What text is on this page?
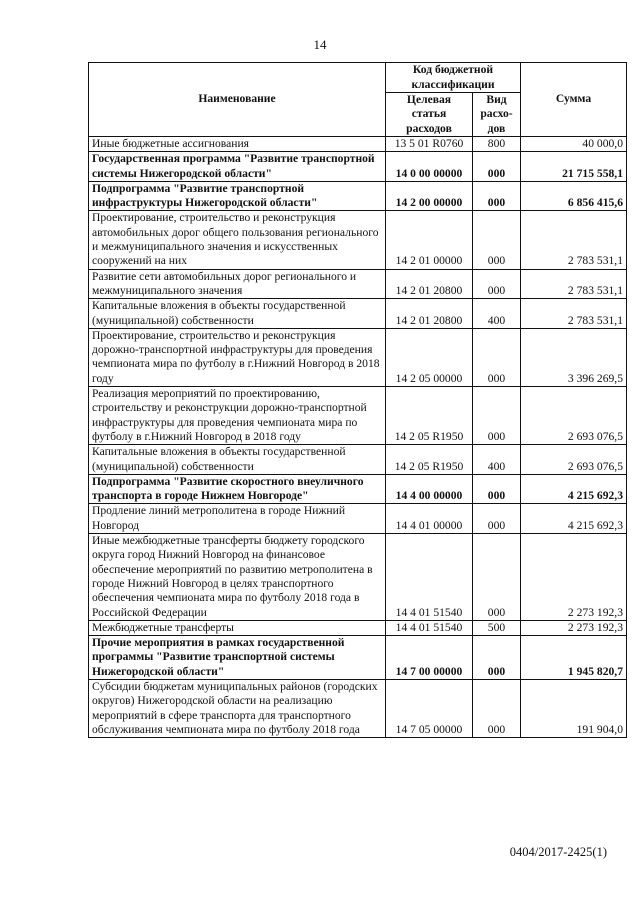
14
Наименование	Код бюджетной классификации		Сумма
	Целевая статья расходов	Вид расхо-дов	
Иные бюджетные ассигнования	13 5 01 R0760	800	40 000,0
Государственная программа "Развитие транспортной системы Нижегородской области"	14 0 00 00000	000	21 715 558,1
Подпрограмма "Развитие транспортной инфраструктуры Нижегородской области"	14 2 00 00000	000	6 856 415,6
Проектирование, строительство и реконструкция автомобильных дорог общего пользования регионального и межмуниципального значения и искусственных сооружений на них	14 2 01 00000	000	2 783 531,1
Развитие сети автомобильных дорог регионального и межмуниципального значения	14 2 01 20800	000	2 783 531,1
Капитальные вложения в объекты государственной (муниципальной) собственности	14 2 01 20800	400	2 783 531,1
Проектирование, строительство и реконструкция дорожно-транспортной инфраструктуры для проведения чемпионата мира по футболу в г.Нижний Новгород в 2018 году	14 2 05 00000	000	3 396 269,5
Реализация мероприятий по проектированию, строительству и реконструкции дорожно-транспортной инфраструктуры для проведения чемпионата мира по футболу в г.Нижний Новгород в 2018 году	14 2 05 R1950	000	2 693 076,5
Капитальные вложения в объекты государственной (муниципальной) собственности	14 2 05 R1950	400	2 693 076,5
Подпрограмма "Развитие скоростного внеуличного транспорта в городе Нижнем Новгороде"	14 4 00 00000	000	4 215 692,3
Продление линий метрополитена в городе Нижний Новгород	14 4 01 00000	000	4 215 692,3
Иные межбюджетные трансферты бюджету городского округа город Нижний Новгород на финансовое обеспечение мероприятий по развитию метрополитена в городе Нижний Новгород в целях транспортного обеспечения чемпионата мира по футболу 2018 года в Российской Федерации	14 4 01 51540	000	2 273 192,3
Межбюджетные трансферты	14 4 01 51540	500	2 273 192,3
Прочие мероприятия в рамках государственной программы "Развитие транспортной системы Нижегородской области"	14 7 00 00000	000	1 945 820,7
Субсидии бюджетам муниципальных районов (городских округов) Нижегородской области на реализацию мероприятий в сфере транспорта для транспортного обслуживания чемпионата мира по футболу 2018 года	14 7 05 00000	000	191 904,0
0404/2017-2425(1)
